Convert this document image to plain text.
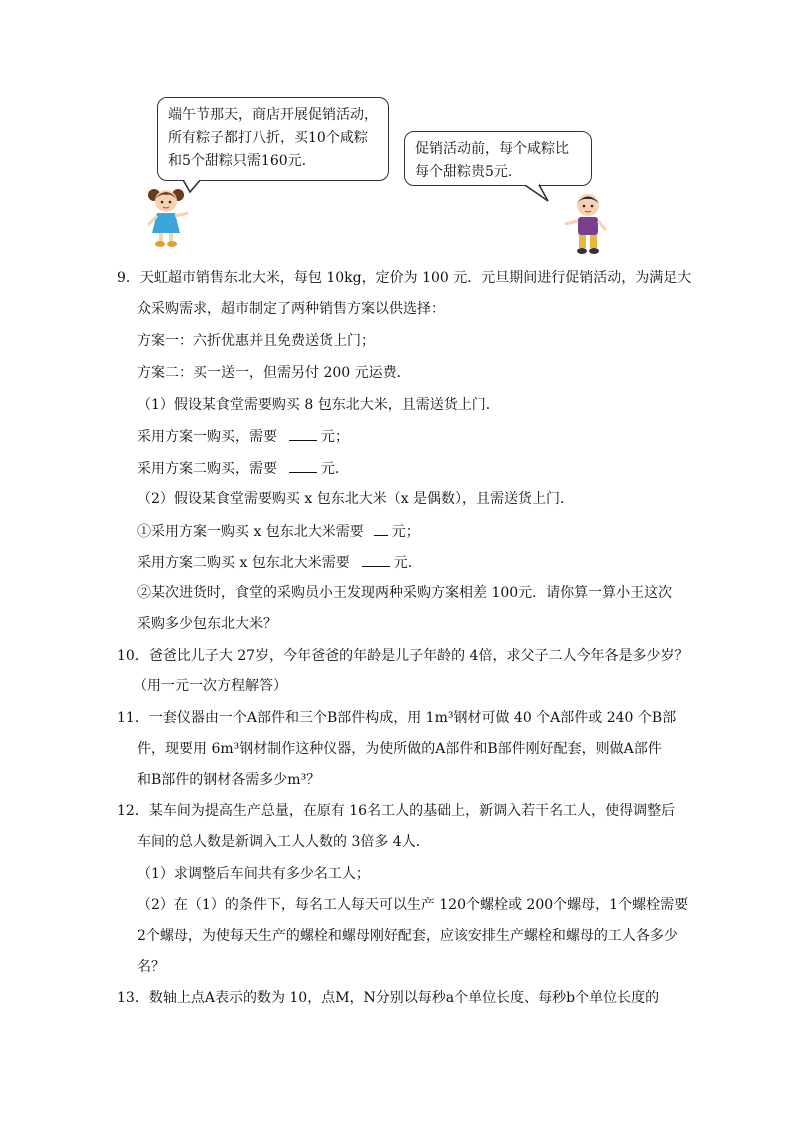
端午节那天，商店开展促销活动，
所有粽子都打八折，买10个咸粽
和5个甜粽只需160元.
促销活动前，每个咸粽比
每个甜粽贵5元.
9．天虹超市销售东北大米，每包 10kg，定价为 100 元．元旦期间进行促销活动，为满足大
众采购需求，超市制定了两种销售方案以供选择：
方案一：六折优惠并且免费送货上门；
方案二：买一送一，但需另付 200 元运费．
（1）假设某食堂需要购买 8 包东北大米，且需送货上门．
采用方案一购买，需要	元；
采用方案二购买，需要	元．
（2）假设某食堂需要购买 x 包东北大米（x 是偶数），且需送货上门．
①采用方案一购买 x 包东北大米需要 元；
采用方案二购买 x 包东北大米需要	元．
②某次进货时，食堂的采购员小王发现两种采购方案相差 100元．请你算一算小王这次
采购多少包东北大米？
10．爸爸比儿子大 27岁，今年爸爸的年龄是儿子年龄的 4倍，求父子二人今年各是多少岁？
（用一元一次方程解答）
11．一套仪器由一个A部件和三个B部件构成，用 1m³钢材可做 40 个A部件或 240 个B部
件，现要用 6m³钢材制作这种仪器，为使所做的A部件和B部件刚好配套，则做A部件
和B部件的钢材各需多少m³？
12．某车间为提高生产总量，在原有 16名工人的基础上，新调入若干名工人，使得调整后
车间的总人数是新调入工人人数的 3倍多 4人．
（1）求调整后车间共有多少名工人；
（2）在（1）的条件下，每名工人每天可以生产 120个螺栓或 200个螺母，1个螺栓需要
2个螺母，为使每天生产的螺栓和螺母刚好配套，应该安排生产螺栓和螺母的工人各多少
名？
13．数轴上点A表示的数为 10，点M，N分别以每秒a个单位长度、每秒b个单位长度的
